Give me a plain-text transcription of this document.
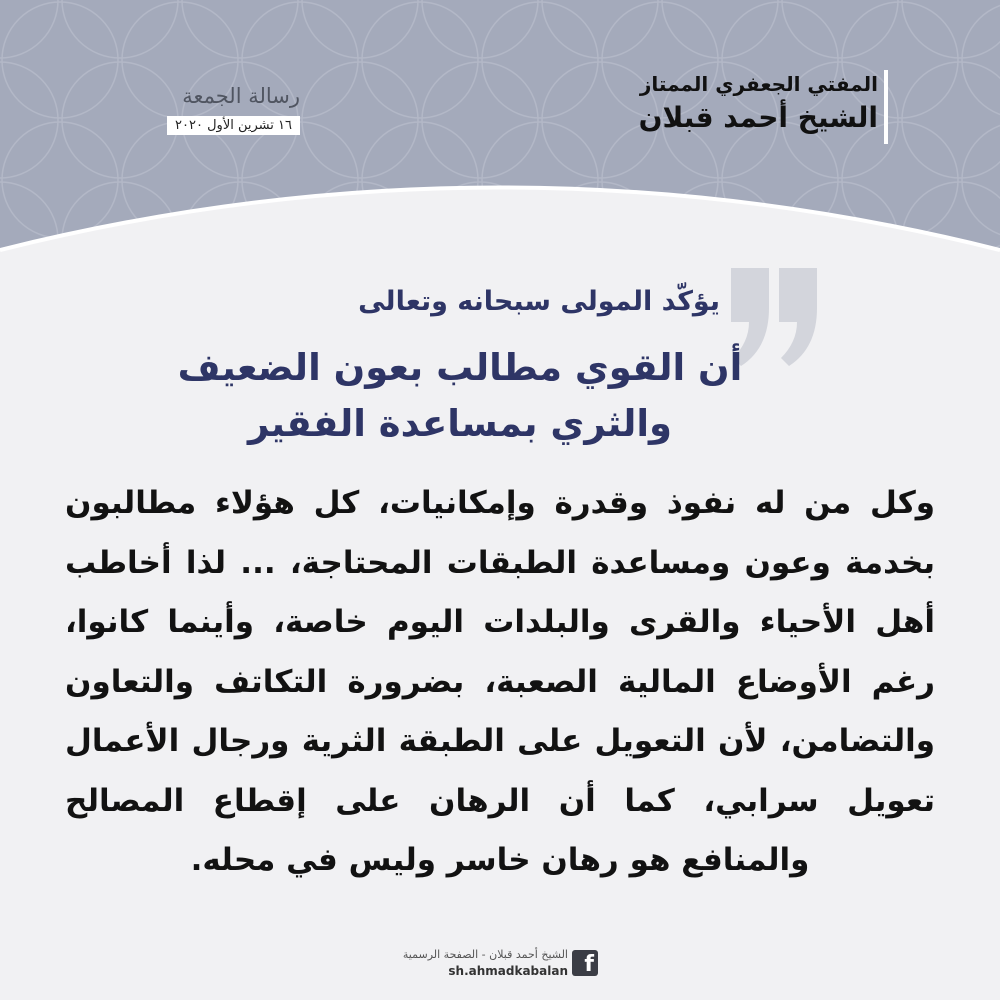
المفتي الجعفري الممتاز

الشيخ أحمد قبلان

رسالة الجمعة

١٦ تشرين الأول ٢٠٢٠
يؤكّد المولى سبحانه وتعالى
أن القوي مطالب بعون الضعيف
والثري بمساعدة الفقير

وكل من له نفوذ وقدرة وإمكانيات، كل هؤلاء مطالبون بخدمة وعون ومساعدة الطبقات المحتاجة، ... لذا أخاطب أهل الأحياء والقرى والبلدات اليوم خاصة، وأينما كانوا، رغم الأوضاع المالية الصعبة، بضرورة التكاتف والتعاون والتضامن، لأن التعويل على الطبقة الثرية ورجال الأعمال تعويل سرابي، كما أن الرهان على إقطاع المصالح والمنافع هو رهان خاسر وليس في محله.

f
الشيخ أحمد قبلان - الصفحة الرسمية
sh.ahmadkabalan
